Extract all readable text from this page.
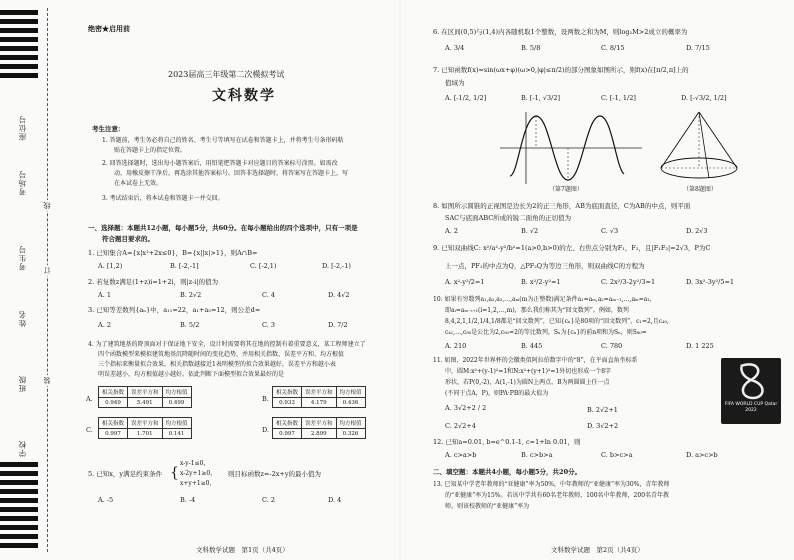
座位号
考场号
考生号
姓名
班级
学校
线
订
装
绝密★启用前
2023届高三年级第二次模拟考试
文科数学
考生注意：
1. 答题前，考生务必将自己的姓名、考生号等填写在试卷和答题卡上，并将考生号条形码粘
贴在答题卡上的指定位置。
2. 回答选择题时，选出每小题答案后，用铅笔把答题卡对应题目的答案标号涂黑。如需改
动，用橡皮擦干净后，再选涂其他答案标号。回答非选择题时，将答案写在答题卡上，写
在本试卷上无效。
3. 考试结束后，将本试卷和答题卡一并交回。
一、选择题：本题共12小题，每小题5分，共60分。在每小题给出的四个选项中，只有一项是
符合题目要求的。
1. 已知集合A={x|x²+2x≤0}，B={x||x|>1}，则A∩B=
A. [1,2)	B. [-2,-1]	C. [-2,1)	D. [-2,-1)
2. 若复数z满足(1+z)i=1+2i，则|z-i|的值为
A. 1	B. 2√2	C. 4	D. 4√2
3. 已知等差数列{aₙ}中，a₁₁=22，a₁+a₅=12，则公差d=
A. 2	B. 5/2	C. 3	D. 7/2
4. 为了建筑地基的降顶面对于保证地下安全，设计时需要将其在地的控制有着重要意义，某工程师建立了
四个函数模型来模拟建筑地基沉降随时间的变化趋势，并用相关指数、误差平方和、均方根值
三个指标来衡量拟合效果。相关指数越接近1表明模型的拟合效果越好，误差平方和越小表
明误差越小，均方根值越小越好。依此判断下面模型拟合效果最好的是
A.
相关指数	误差平方和	均方根值
0.949	5.491	0.499	B.
相关指数	误差平方和	均方根值
0.933	4.179	0.436
C.
相关指数	误差平方和	均方根值
0.997	1.701	0.141	D.
相关指数	误差平方和	均方根值
0.997	2.899	0.326
5. 已知x，y满足约束条件 {
x-y-1≤0，
x-2y+1≥0，
x+y+1≥0，
则目标函数z=-2x+y的最小值为
A. -5	B. -4	C. 2	D. 4
文科数学试题　第1页（共4页）
6. 在区间(0,5)与(1,4)内各随机取1个整数，设两数之和为M，则log₂M>2成立的概率为
A. 3/4	B. 5/8	C. 8/15	D. 7/15
7. 已知函数f(x)=sin(ωx+φ)(ω>0,|φ|≤π/2)的部分图象如图所示，则f(x)在[π/2,π]上的
值域为
A. [-1/2, 1/2]	B. [-1, √3/2]	C. [-1, 1/2]	D. [-√3/2, 1/2]
（第7题图）	（第8题图）
8. 如图所示圆锥的正视图是边长为2的正三角形，AB为底面直径，C为AB的中点，则平面
SAC与底面ABC所成的锐二面角的正切值为
A. 2	B. √2	C. √3	D. 2√3
9. 已知双曲线C: x²/a²-y²/b²=1(a>0,b>0)的左、右焦点分别为F₁，F₂，且|F₁F₂|=2√3，P为C
上一点，PF₁的中点为Q，△PF₂Q为等边三角形，则双曲线C的方程为
A. x²-y²/2=1	B. x²/2-y²=1	C. 2x²/3-2y²/3=1	D. 3x²-3y²/5=1
10. 如果有穷数列a₁,a₂,a₃,…,aₘ(m为正整数)满足条件a₁=aₘ,a₂=aₘ₋₁,…,aₘ=a₁，
即aᵢ=aₘ₋ᵢ₊₁(i=1,2,…,m)，那么我们称其为“回文数列”。例如，数列
8,4,2,1,1/2,1/4,1/8都是“回文数列”，已知{cₙ}是80项的“回文数列”，c₁=2,且c₄₀,
c₄₁,…,c₈₀是公比为2,c₈₀=2的等比数列，Sₙ为{cₙ}的前n项和为Sₙ，则S₈₀=
A. 210	B. 445	C. 780	D. 1 225
11. 如图，2022年世界杯的会徽类似阿拉伯数字中的“8”，在平面直角坐标系
中，圆M:x²+(y-1)²=1和N:x²+(y+1)²=1外切也形成一个8字
形状，若P(0,-2)，A(1,-1)为圆N上两点，B为两圆圆上任一点
(不同于点A，P)，则PA·PB的最大值为
A. 3√2+2 / 2	B. 2√2+1
C. 2√2+4	D. 3√2+2
FIFA WORLD CUP Qatar 2022
12. 已知a=0.01, b=e^0.1-1, c=1+ln 0.01，则
A. c>a>b	B. c>b>a	C. b>c>a	D. a>c>b
二、填空题：本题共4小题，每小题5分，共20分。
13. 已知某中学老年教师的“亚健康”率为50%，中年教师的“亚健康”率为30%，青年教师
的“亚健康”率为15%。若该中学共有60名老年教师，100名中年教师，200名青年教
师，则该校教师的“亚健康”率为
文科数学试题　第2页（共4页）
